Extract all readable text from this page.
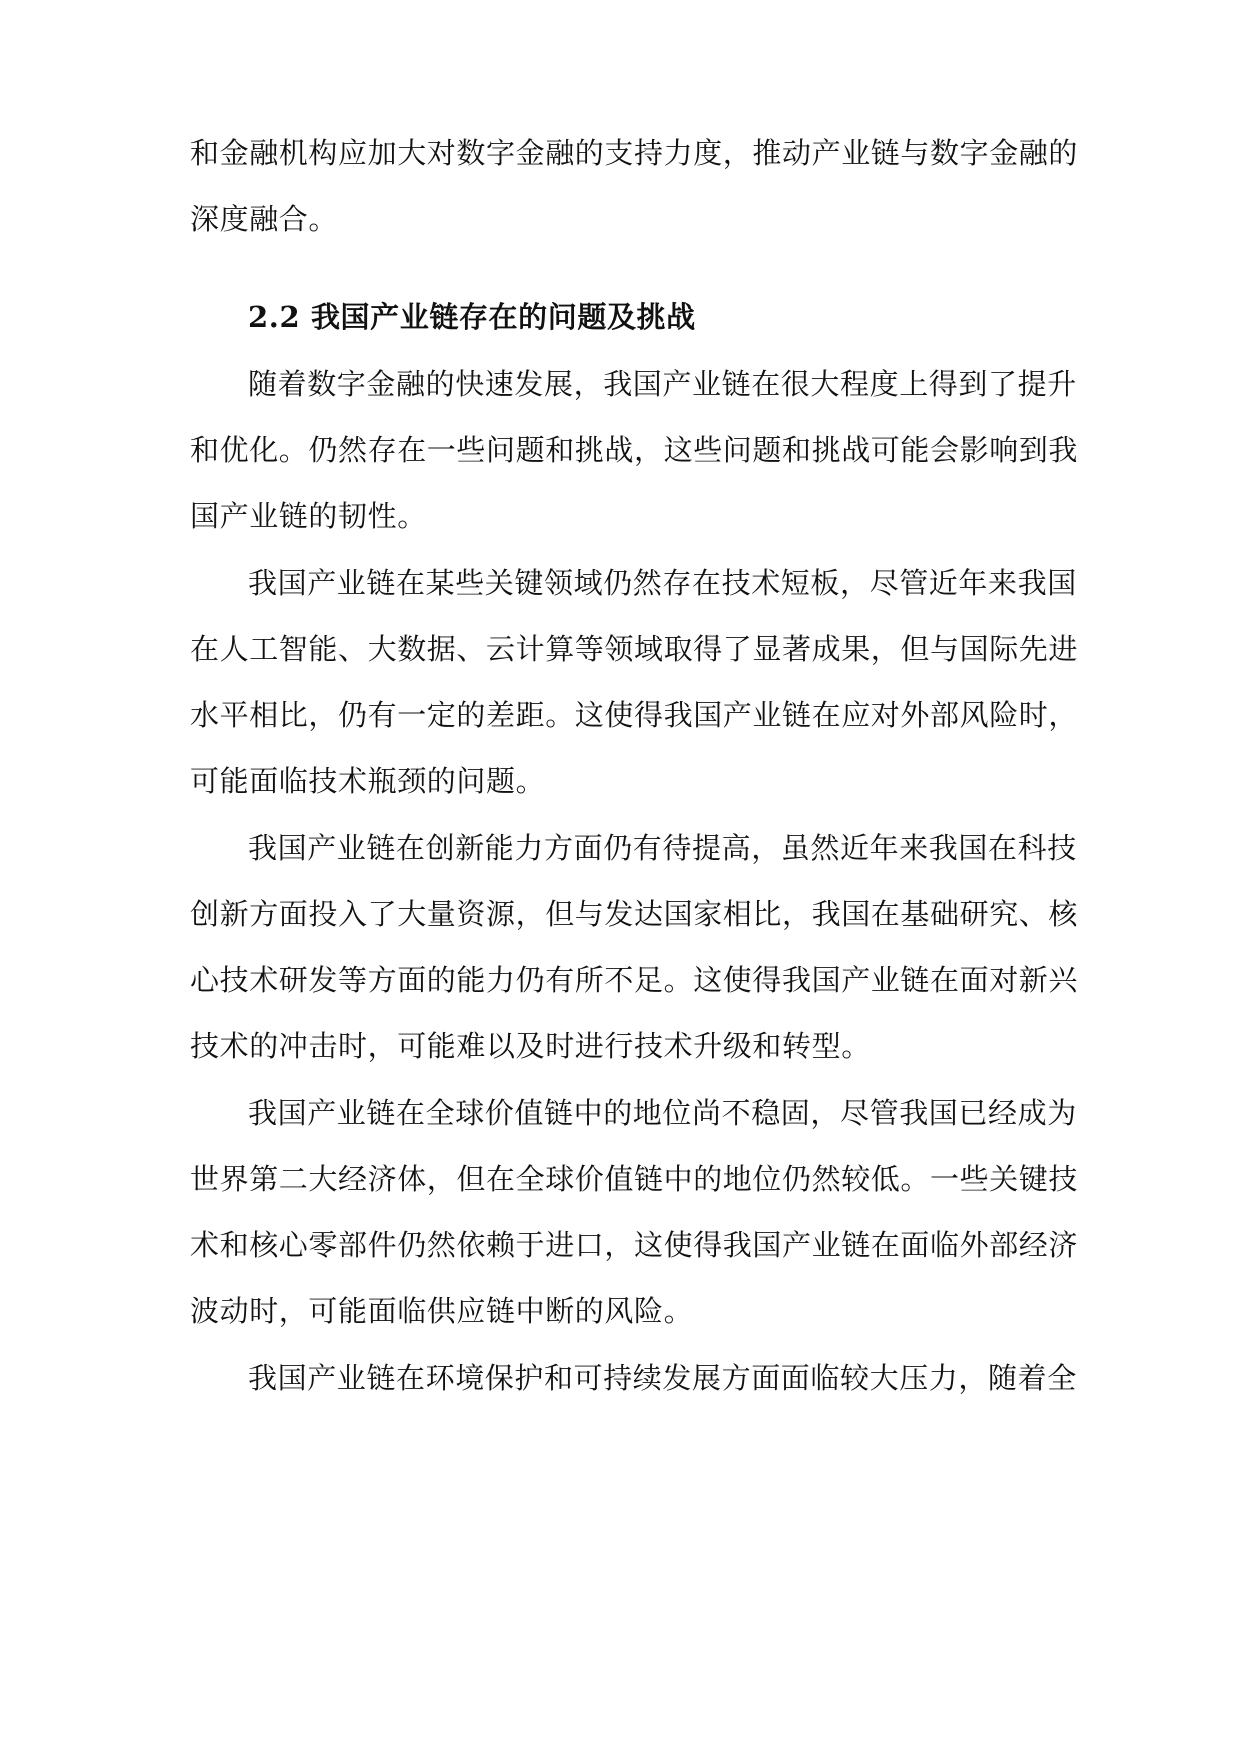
和金融机构应加大对数字金融的支持力度，推动产业链与数字金融的
深度融合。
2.2 我国产业链存在的问题及挑战
随着数字金融的快速发展，我国产业链在很大程度上得到了提升
和优化。仍然存在一些问题和挑战，这些问题和挑战可能会影响到我
国产业链的韧性。
我国产业链在某些关键领域仍然存在技术短板，尽管近年来我国
在人工智能、大数据、云计算等领域取得了显著成果，但与国际先进
水平相比，仍有一定的差距。这使得我国产业链在应对外部风险时，
可能面临技术瓶颈的问题。
我国产业链在创新能力方面仍有待提高，虽然近年来我国在科技
创新方面投入了大量资源，但与发达国家相比，我国在基础研究、核
心技术研发等方面的能力仍有所不足。这使得我国产业链在面对新兴
技术的冲击时，可能难以及时进行技术升级和转型。
我国产业链在全球价值链中的地位尚不稳固，尽管我国已经成为
世界第二大经济体，但在全球价值链中的地位仍然较低。一些关键技
术和核心零部件仍然依赖于进口，这使得我国产业链在面临外部经济
波动时，可能面临供应链中断的风险。
我国产业链在环境保护和可持续发展方面面临较大压力，随着全
